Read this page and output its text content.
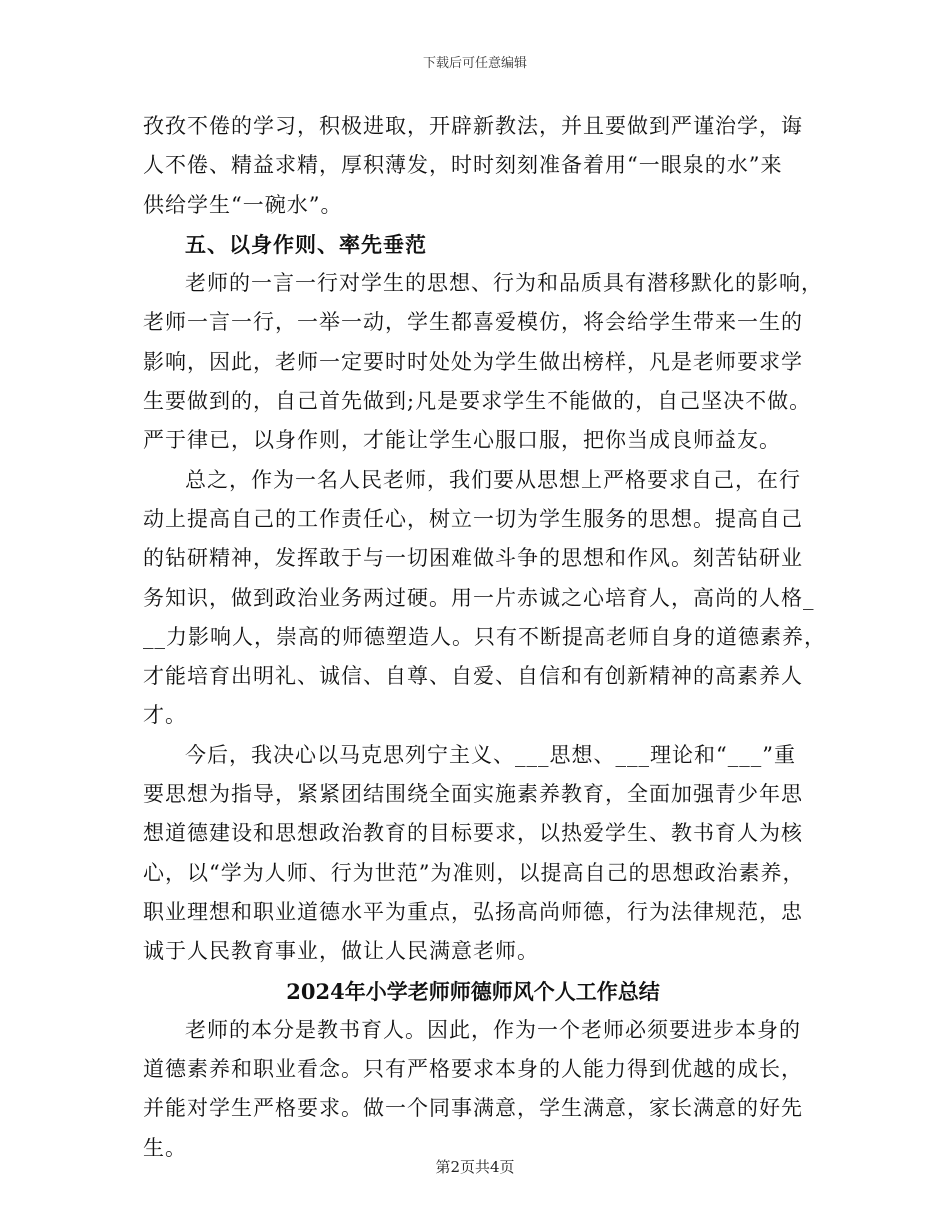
下载后可任意编辑
孜孜不倦的学习，积极进取，开辟新教法，并且要做到严谨治学，诲
人不倦、精益求精，厚积薄发，时时刻刻准备着用“一眼泉的水”来
供给学生“一碗水”。
五、以身作则、率先垂范
老师的一言一行对学生的思想、行为和品质具有潜移默化的影响，
老师一言一行，一举一动，学生都喜爱模仿，将会给学生带来一生的
影响，因此，老师一定要时时处处为学生做出榜样，凡是老师要求学
生要做到的，自己首先做到;凡是要求学生不能做的，自己坚决不做。
严于律已，以身作则，才能让学生心服口服，把你当成良师益友。
总之，作为一名人民老师，我们要从思想上严格要求自己，在行
动上提高自己的工作责任心，树立一切为学生服务的思想。提高自己
的钻研精神，发挥敢于与一切困难做斗争的思想和作风。刻苦钻研业
务知识，做到政治业务两过硬。用一片赤诚之心培育人，高尚的人格_
__力影响人，崇高的师德塑造人。只有不断提高老师自身的道德素养，
才能培育出明礼、诚信、自尊、自爱、自信和有创新精神的高素养人
才。
今后，我决心以马克思列宁主义、___思想、___理论和“___”重
要思想为指导，紧紧团结围绕全面实施素养教育，全面加强青少年思
想道德建设和思想政治教育的目标要求，以热爱学生、教书育人为核
心，以“学为人师、行为世范”为准则，以提高自己的思想政治素养，
职业理想和职业道德水平为重点，弘扬高尚师德，行为法律规范，忠
诚于人民教育事业，做让人民满意老师。
2024年小学老师师德师风个人工作总结
老师的本分是教书育人。因此，作为一个老师必须要进步本身的
道德素养和职业看念。只有严格要求本身的人能力得到优越的成长，
并能对学生严格要求。做一个同事满意，学生满意，家长满意的好先
生。
第2页共4页
